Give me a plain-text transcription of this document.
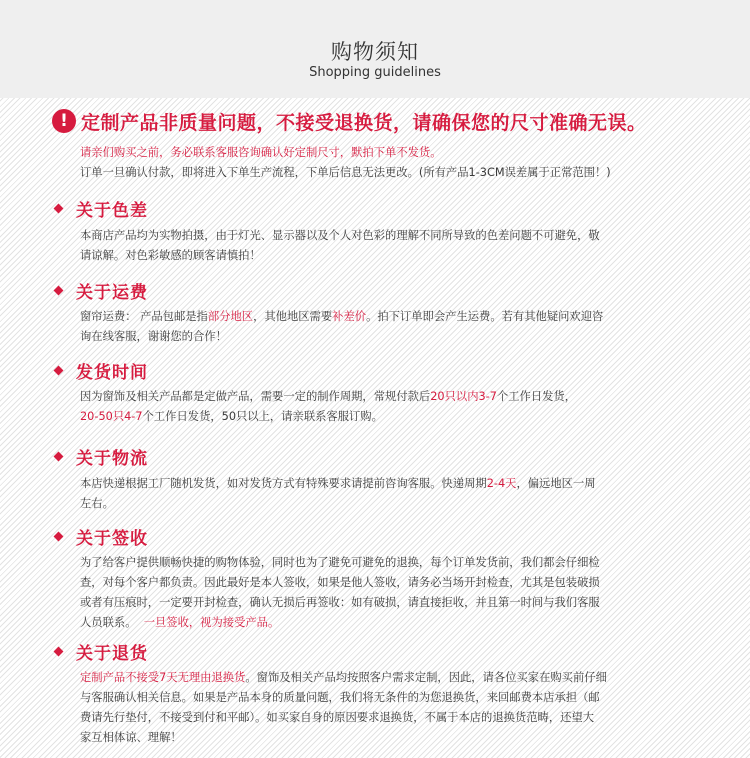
购物须知
Shopping guidelines
! 定制产品非质量问题，不接受退换货，请确保您的尺寸准确无误。
请亲们购买之前，务必联系客服咨询确认好定制尺寸，默拍下单不发货。
订单一旦确认付款，即将进入下单生产流程，下单后信息无法更改。(所有产品1-3CM误差属于正常范围！)
关于色差
本商店产品均为实物拍摄，由于灯光、显示器以及个人对色彩的理解不同所导致的色差问题不可避免，敬
请谅解。对色彩敏感的顾客请慎拍！
关于运费
窗帘运费： 产品包邮是指部分地区，其他地区需要补差价。拍下订单即会产生运费。若有其他疑问欢迎咨
询在线客服，谢谢您的合作！
发货时间
因为窗饰及相关产品都是定做产品，需要一定的制作周期，常规付款后20只以内3-7个工作日发货，
20-50只4-7个工作日发货，50只以上，请亲联系客服订购。
关于物流
本店快递根据工厂随机发货，如对发货方式有特殊要求请提前咨询客服。快递周期2-4天，偏远地区一周
左右。
关于签收
为了给客户提供顺畅快捷的购物体验，同时也为了避免可避免的退换，每个订单发货前，我们都会仔细检
查，对每个客户都负责。因此最好是本人签收，如果是他人签收，请务必当场开封检查，尤其是包装破损
或者有压痕时，一定要开封检查，确认无损后再签收：如有破损，请直接拒收，并且第一时间与我们客服
人员联系。 一旦签收，视为接受产品。
关于退货
定制产品不接受7天无理由退换货。窗饰及相关产品均按照客户需求定制，因此，请各位买家在购买前仔细
与客服确认相关信息。如果是产品本身的质量问题，我们将无条件的为您退换货，来回邮费本店承担（邮
费请先行垫付，不接受到付和平邮）。如买家自身的原因要求退换货，不属于本店的退换货范畴，还望大
家互相体谅、理解！
